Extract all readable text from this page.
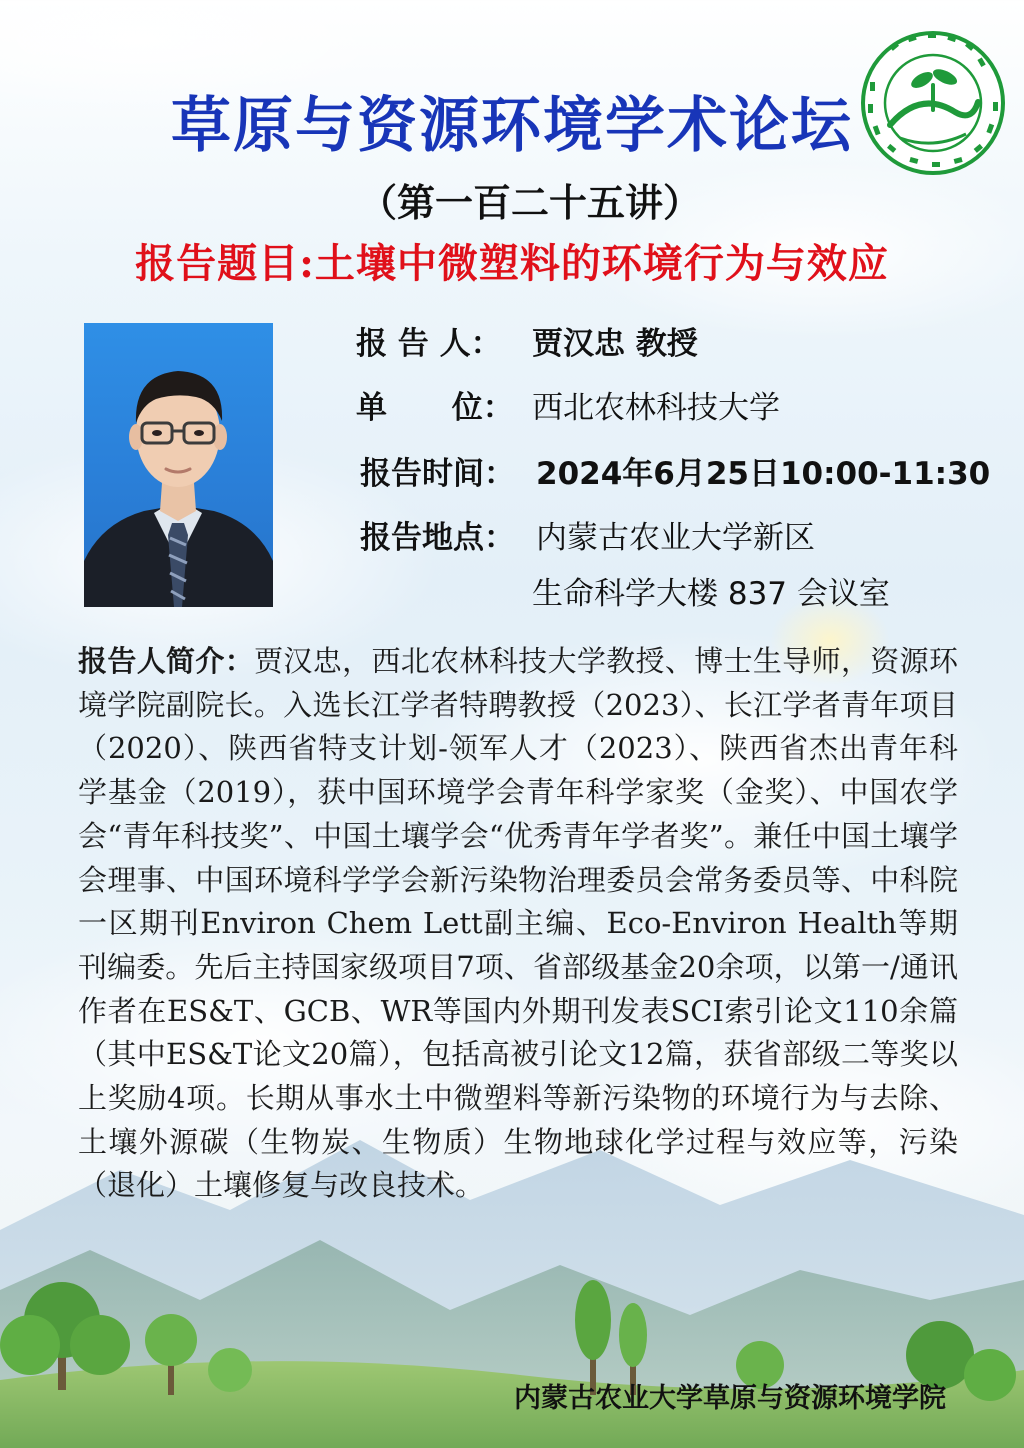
草原与资源环境学术论坛
（第一百二十五讲）
报告题目:土壤中微塑料的环境行为与效应
报 告 人： 贾汉忠 教授
单      位： 西北农林科技大学
报告时间： 2024年6月25日10:00-11:30
报告地点： 内蒙古农业大学新区
生命科学大楼 837 会议室
报告人简介：贾汉忠，西北农林科技大学教授、博士生导师，资源环境学院副院长。入选长江学者特聘教授（2023）、长江学者青年项目（2020）、陕西省特支计划-领军人才（2023）、陕西省杰出青年科学基金（2019），获中国环境学会青年科学家奖（金奖）、中国农学会“青年科技奖”、中国土壤学会“优秀青年学者奖”。兼任中国土壤学会理事、中国环境科学学会新污染物治理委员会常务委员等、中科院一区期刊Environ Chem Lett副主编、Eco-Environ Health等期刊编委。先后主持国家级项目7项、省部级基金20余项，以第一/通讯作者在ES&T、GCB、WR等国内外期刊发表SCI索引论文110余篇（其中ES&T论文20篇），包括高被引论文12篇，获省部级二等奖以上奖励4项。长期从事水土中微塑料等新污染物的环境行为与去除、土壤外源碳（生物炭、生物质）生物地球化学过程与效应等，污染（退化）土壤修复与改良技术。
内蒙古农业大学草原与资源环境学院
